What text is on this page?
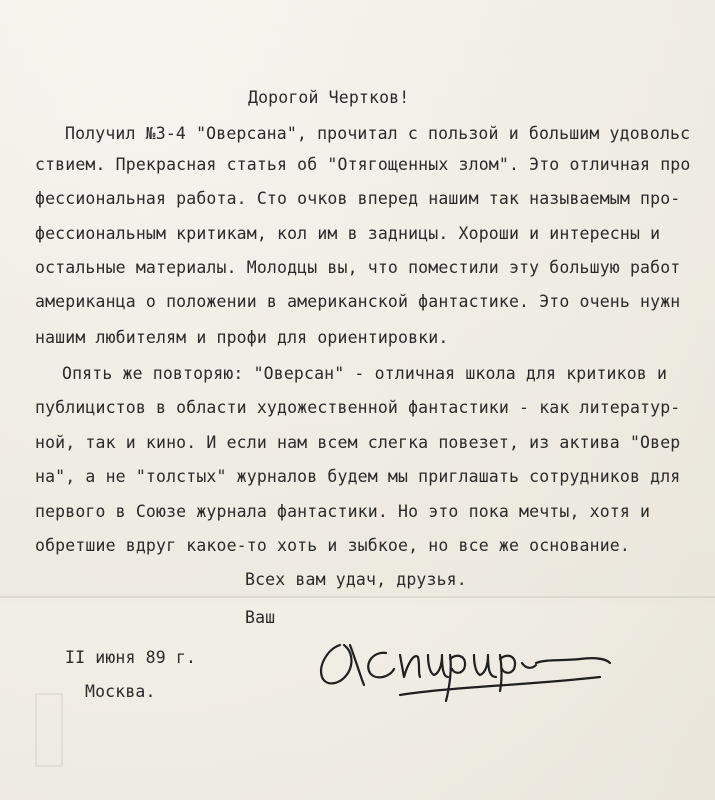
Дорогой Чертков!
Получил №3-4 "Оверсана", прочитал с пользой и большим удовольс
ствием. Прекрасная статья об "Отягощенных злом". Это отличная про
фессиональная работа. Сто очков вперед нашим так называемым про-
фессиональным критикам, кол им в задницы. Хороши и интересны и
остальные материалы. Молодцы вы, что поместили эту большую работ
американца о положении в американской фантастике. Это очень нужн
нашим любителям и профи для ориентировки.
Опять же повторяю: "Оверсан" - отличная школа для критиков и
публицистов в области художественной фантастики - как литератур-
ной, так и кино. И если нам всем слегка повезет, из актива "Овер
на", а не "толстых" журналов будем мы приглашать сотрудников для
первого в Союзе журнала фантастики. Но это пока мечты, хотя и
обретшие вдруг какое-то хоть и зыбкое, но все же основание.
Всех вам удач, друзья.
Ваш
II июня 89 г.
Москва.
